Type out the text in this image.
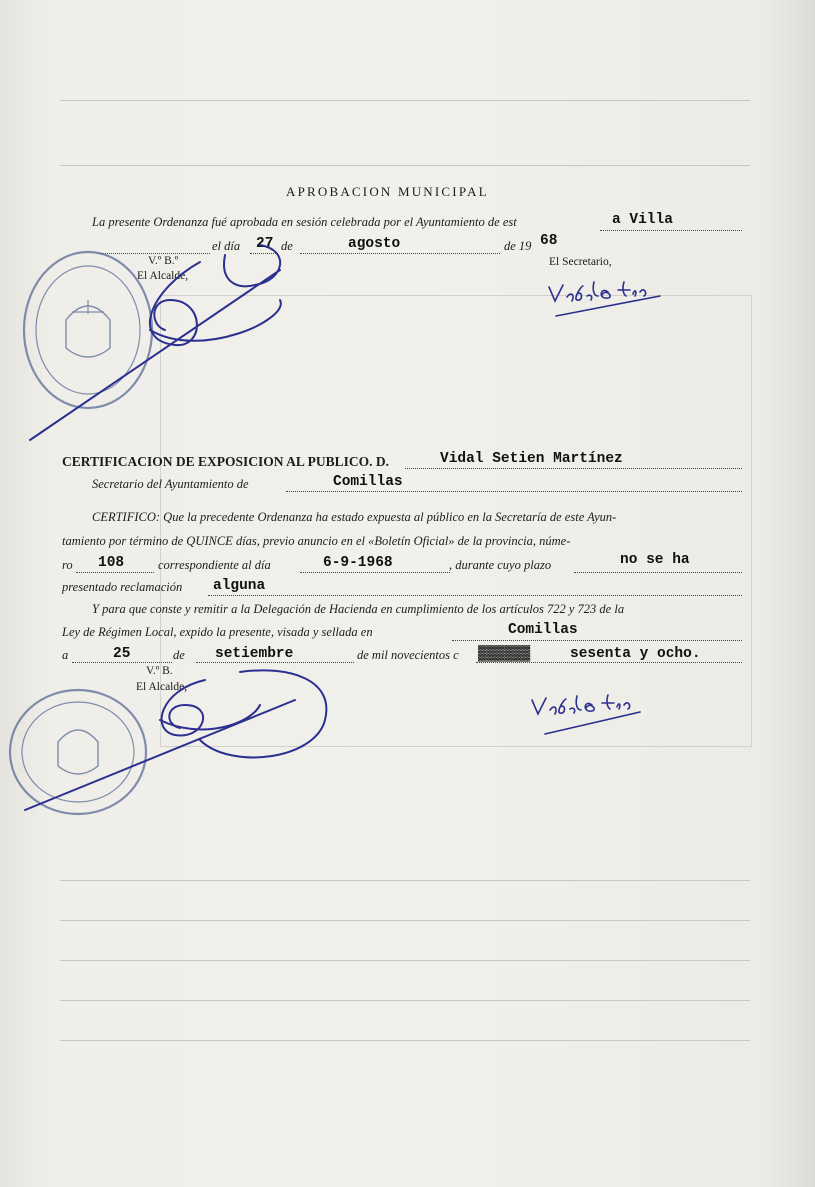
APROBACION MUNICIPAL
La presente Ordenanza fué aprobada en sesión celebrada por el Ayuntamiento de est	a Villa
el día 27 de	agosto	de 19 68
V.º B.º
El Alcalde,
El Secretario,
CERTIFICACION DE EXPOSICION AL PUBLICO. D.	Vidal Setien Martínez
Secretario del Ayuntamiento de	Comillas
CERTIFICO: Que la precedente Ordenanza ha estado expuesta al público en la Secretaría de este Ayun-
tamiento por término de QUINCE días, previo anuncio en el «Boletín Oficial» de la provincia, núme-
ro 108	correspondiente al día	6-9-1968	, durante cuyo plazo	no se ha
presentado reclamación alguna
Y para que conste y remitir a la Delegación de Hacienda en cumplimiento de los artículos 722 y 723 de la
Ley de Régimen Local, expido la presente, visada y sellada en	Comillas
a	25	de setiembre	de mil novecientos c ▓▓▓▓▓▓	sesenta y ocho.
V.º B.
El Alcalde,
